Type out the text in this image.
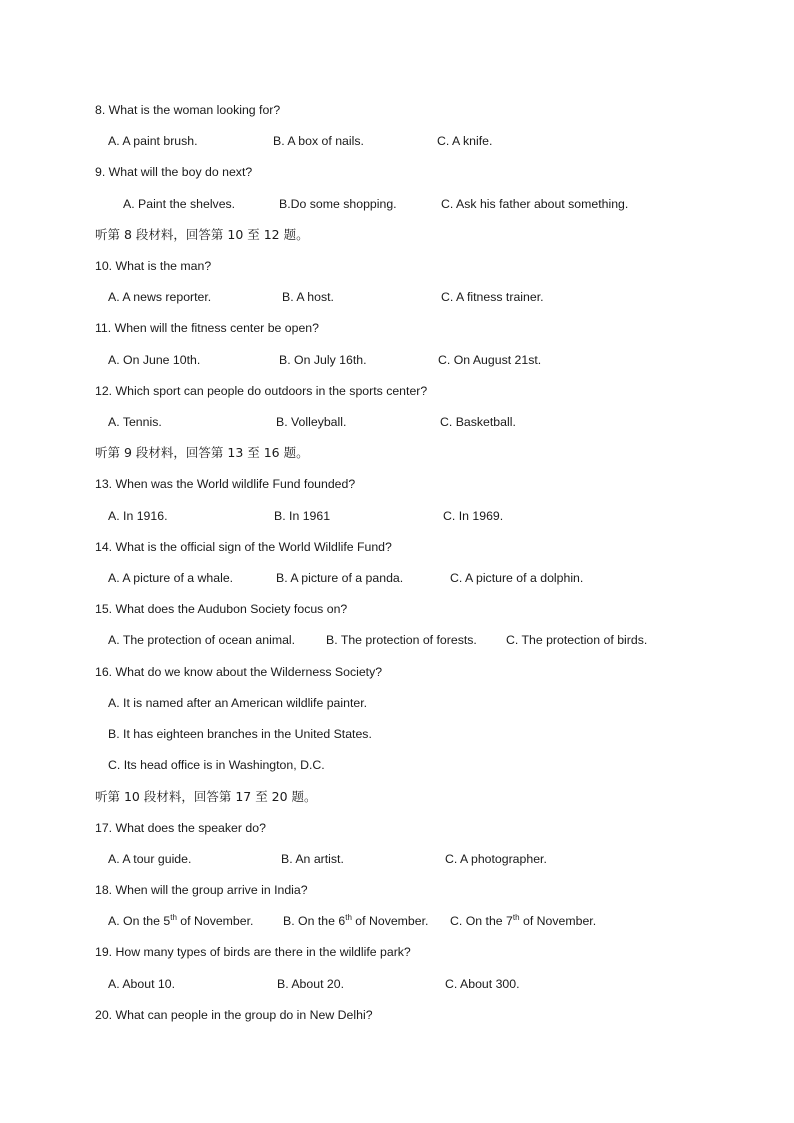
8. What is the woman looking for?
A. A paint brush.	B. A box of nails.	C. A knife.
9. What will the boy do next?
A. Paint the shelves.	B.Do some shopping.	C. Ask his father about something.
听第 8 段材料，回答第 10 至 12 题。
10. What is the man?
A. A news reporter.	B. A host.	C. A fitness trainer.
11. When will the fitness center be open?
A. On June 10th.	B. On July 16th.	C. On August 21st.
12. Which sport can people do outdoors in the sports center?
A. Tennis.	B. Volleyball.	C. Basketball.
听第 9 段材料，回答第 13 至 16 题。
13. When was the World wildlife Fund founded?
A. In 1916.	B. In 1961	C. In 1969.
14. What is the official sign of the World Wildlife Fund?
A. A picture of a whale.	B. A picture of a panda.	C. A picture of a dolphin.
15. What does the Audubon Society focus on?
A. The protection of ocean animal.	B. The protection of forests. C. The protection of birds.
16. What do we know about the Wilderness Society?
A. It is named after an American wildlife painter.
B. It has eighteen branches in the United States.
C. Its head office is in Washington, D.C.
听第 10 段材料，回答第 17 至 20 题。
17. What does the speaker do?
A. A tour guide.	B. An artist.	C. A photographer.
18. When will the group arrive in India?
A. On the 5th of November. B. On the 6th of November. C. On the 7th of November.
19. How many types of birds are there in the wildlife park?
A. About 10.	B. About 20.	C. About 300.
20. What can people in the group do in New Delhi?
